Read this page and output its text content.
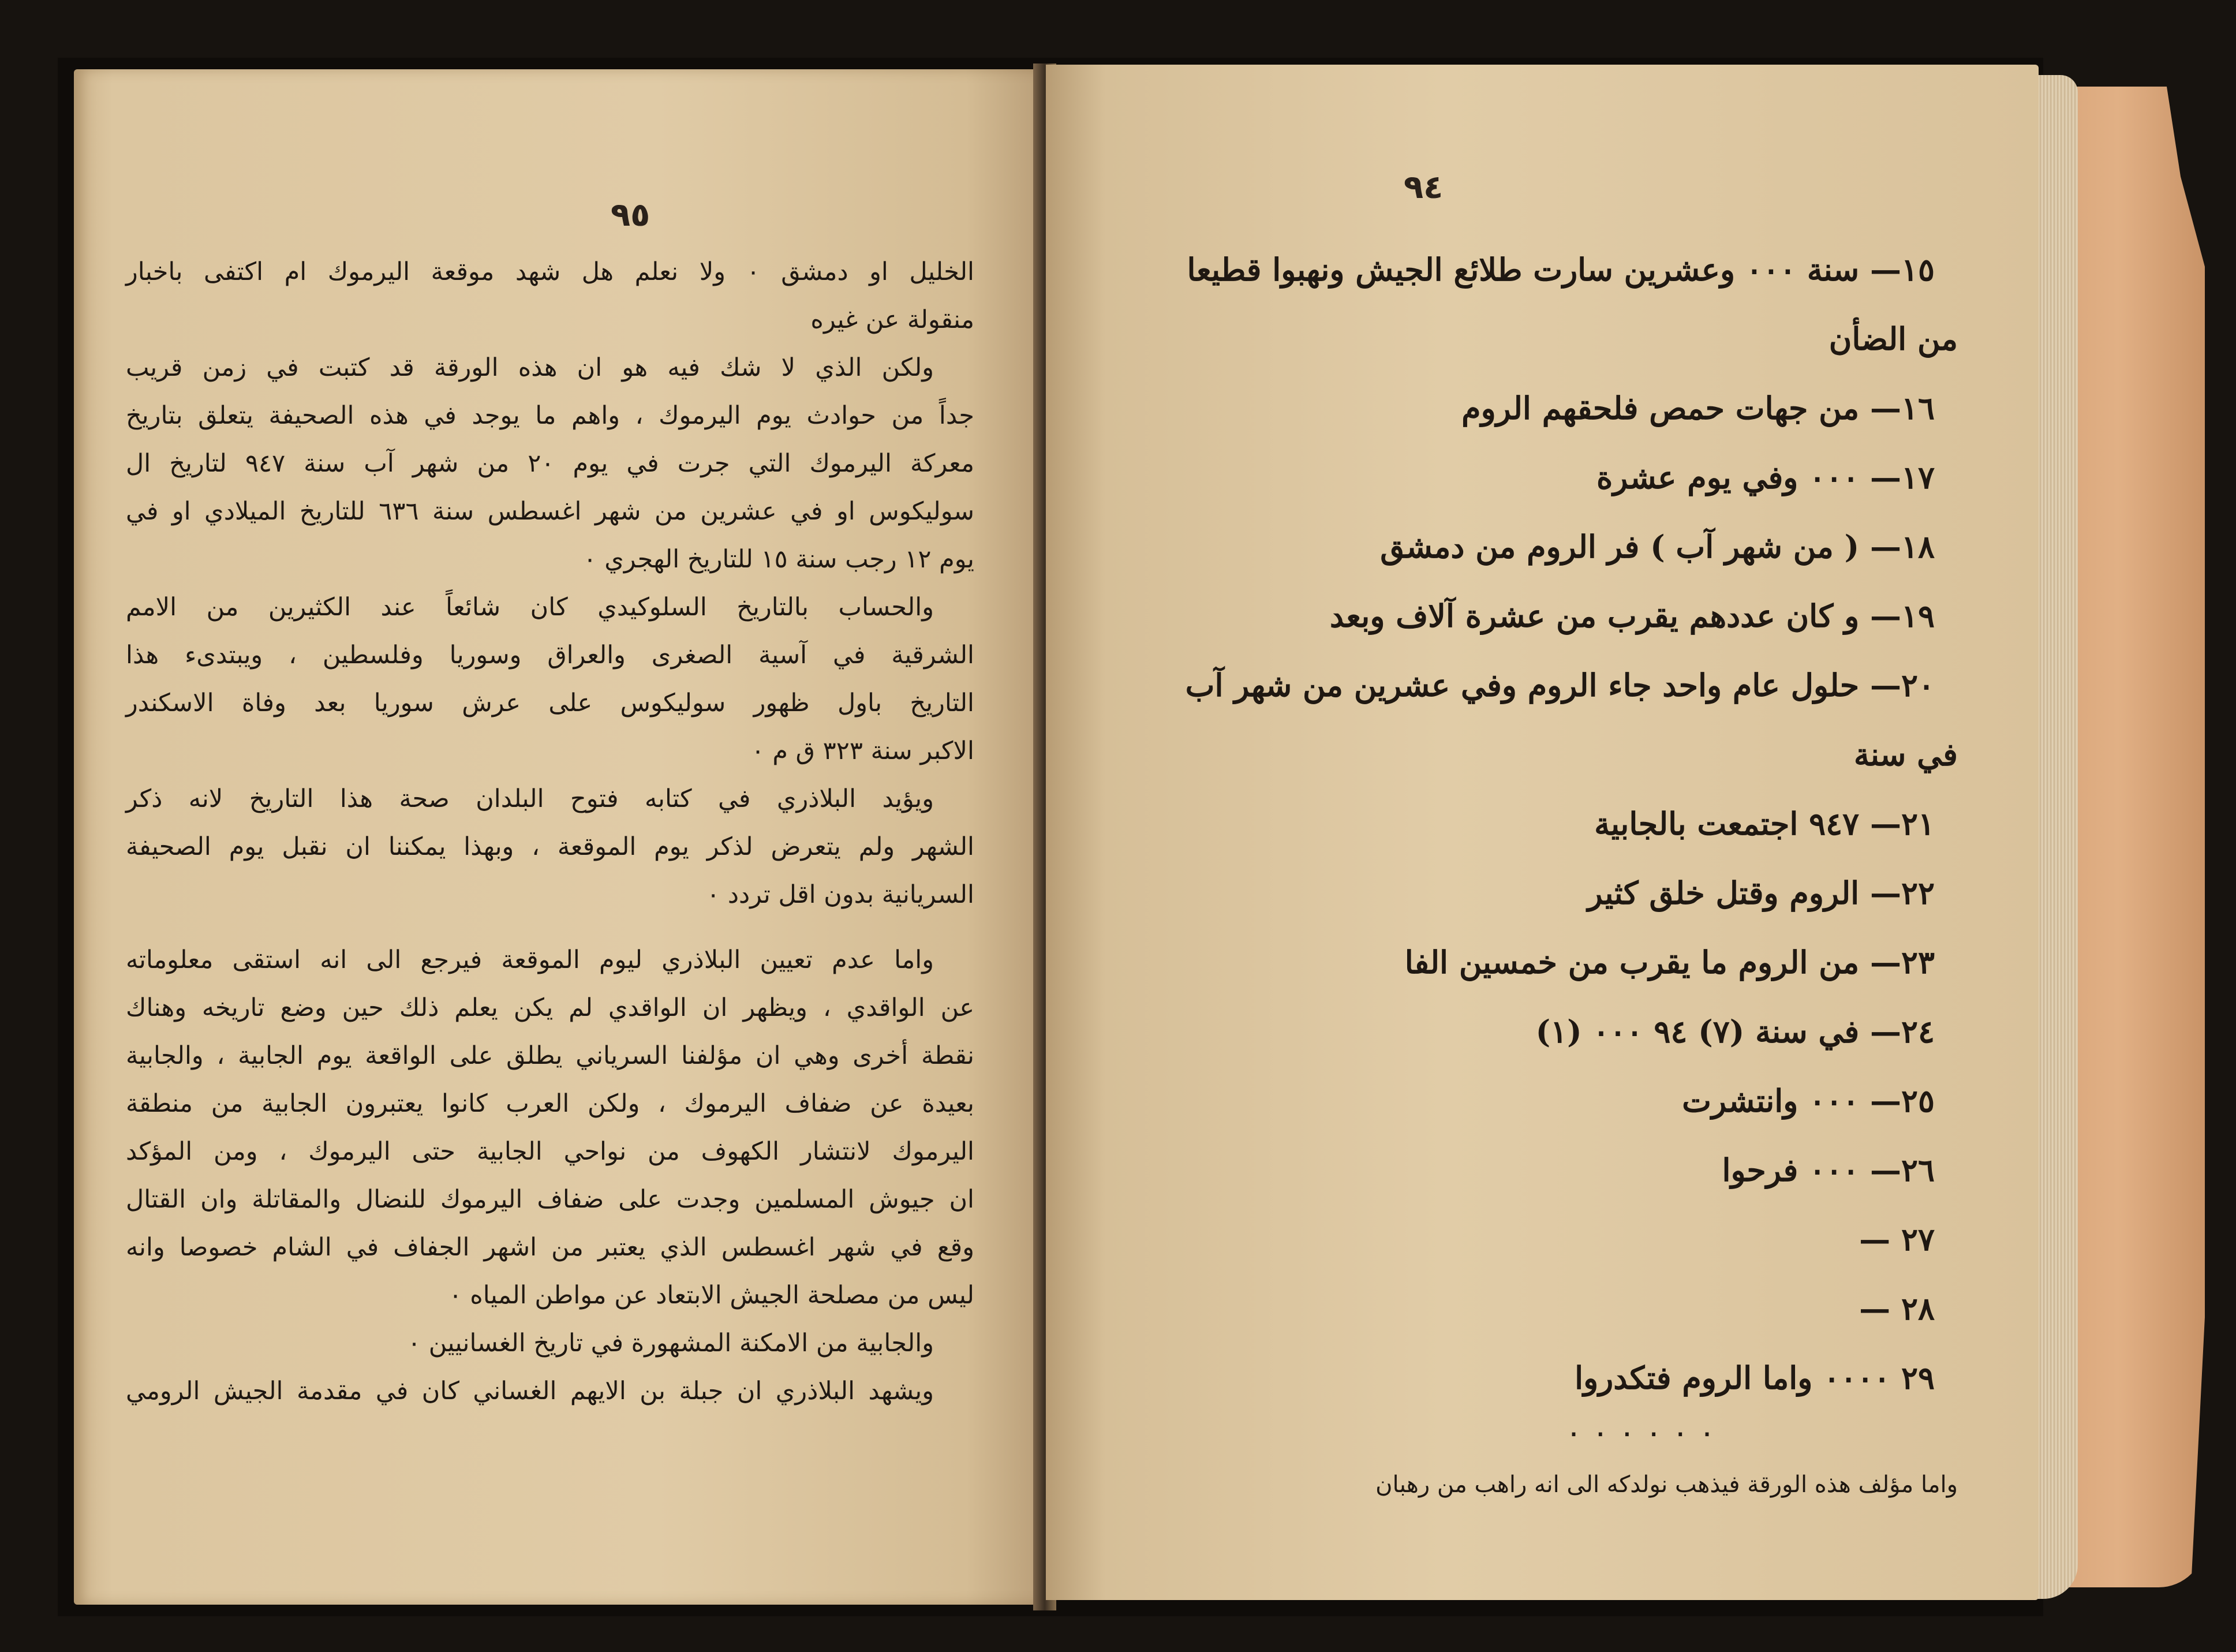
٩٥
الخليل او دمشق ٠ ولا نعلم هل شهد موقعة اليرموك ام اكتفى باخبار
منقولة عن غيره
ولكن الذي لا شك فيه هو ان هذه الورقة قد كتبت في زمن قريب
جداً من حوادث يوم اليرموك ، واهم ما يوجد في هذه الصحيفة يتعلق بتاريخ
معركة اليرموك التي جرت في يوم ٢٠ من شهر آب سنة ٩٤٧ لتاريخ ال
سوليكوس او في عشرين من شهر اغسطس سنة ٦٣٦ للتاريخ الميلادي او في
يوم ١٢ رجب سنة ١٥ للتاريخ الهجري ٠
والحساب بالتاريخ السلوكيدي كان شائعاً عند الكثيرين من الامم
الشرقية في آسية الصغرى والعراق وسوريا وفلسطين ، ويبتدىء هذا
التاريخ باول ظهور سوليكوس على عرش سوريا بعد وفاة الاسكندر
الاكبر سنة ٣٢٣ ق م ٠
ويؤيد البلاذري في كتابه فتوح البلدان صحة هذا التاريخ لانه ذكر
الشهر ولم يتعرض لذكر يوم الموقعة ، وبهذا يمكننا ان نقبل يوم الصحيفة
السريانية بدون اقل تردد ٠
واما عدم تعيين البلاذري ليوم الموقعة فيرجع الى انه استقى معلوماته
عن الواقدي ، ويظهر ان الواقدي لم يكن يعلم ذلك حين وضع تاريخه وهناك
نقطة أخرى وهي ان مؤلفنا السرياني يطلق على الواقعة يوم الجابية ، والجابية
بعيدة عن ضفاف اليرموك ، ولكن العرب كانوا يعتبرون الجابية من منطقة
اليرموك لانتشار الكهوف من نواحي الجابية حتى اليرموك ، ومن المؤكد
ان جيوش المسلمين وجدت على ضفاف اليرموك للنضال والمقاتلة وان القتال
وقع في شهر اغسطس الذي يعتبر من اشهر الجفاف في الشام خصوصا وانه
ليس من مصلحة الجيش الابتعاد عن مواطن المياه ٠
والجابية من الامكنة المشهورة في تاريخ الغسانيين ٠
ويشهد البلاذري ان جبلة بن الايهم الغساني كان في مقدمة الجيش الرومي
٩٤
١٥— سنة ٠٠٠ وعشرين سارت طلائع الجيش ونهبوا قطيعا
من الضأن
١٦— من جهات حمص فلحقهم الروم
١٧— ٠٠٠ وفي يوم عشرة
١٨— ( من شهر آب ) فر الروم من دمشق
١٩— و كان عددهم يقرب من عشرة آلاف وبعد
٢٠— حلول عام واحد جاء الروم وفي عشرين من شهر آب
في سنة
٢١— ٩٤٧ اجتمعت بالجابية
٢٢— الروم وقتل خلق كثير
٢٣— من الروم ما يقرب من خمسين الفا
٢٤— في سنة (٧) ٩٤ ٠٠٠ (١)
٢٥— ٠٠٠ وانتشرت
٢٦— ٠٠٠ فرحوا
٢٧ —
٢٨ —
٢٩ ٠٠٠٠ واما الروم فتكدروا
٠ ٠ ٠ ٠ ٠ ٠
واما مؤلف هذه الورقة فيذهب نولدكه الى انه راهب من رهبان
